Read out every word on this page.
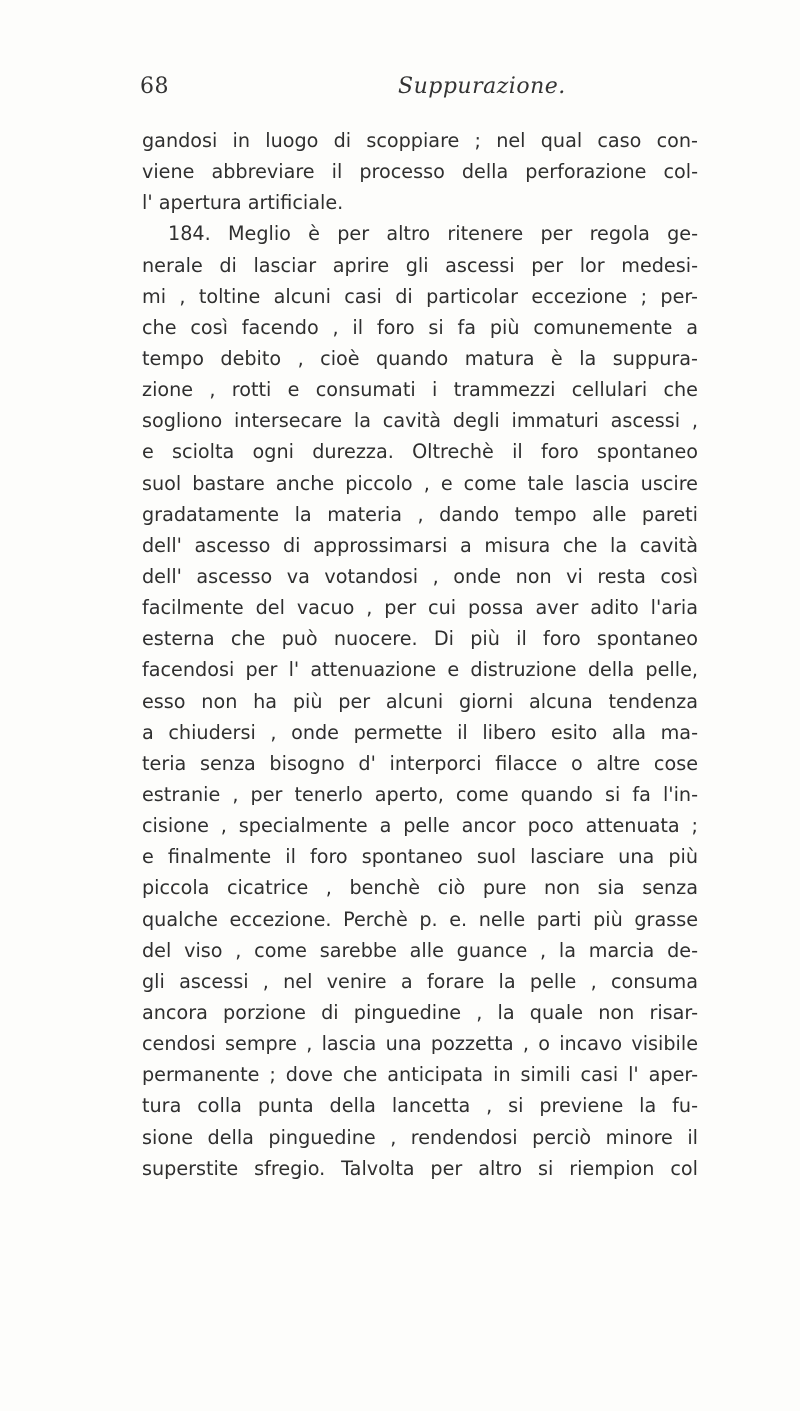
68	Suppurazione.
gandosi in luogo di scoppiare ; nel qual caso con-
viene abbreviare il processo della perforazione col-
l' apertura artificiale.
184. Meglio è per altro ritenere per regola ge-
nerale di lasciar aprire gli ascessi per lor medesi-
mi , toltine alcuni casi di particolar eccezione ; per-
che così facendo , il foro si fa più comunemente a
tempo debito , cioè quando matura è la suppura-
zione , rotti e consumati i trammezzi cellulari che
sogliono intersecare la cavità degli immaturi ascessi ,
e sciolta ogni durezza. Oltrechè il foro spontaneo
suol bastare anche piccolo , e come tale lascia uscire
gradatamente la materia , dando tempo alle pareti
dell' ascesso di approssimarsi a misura che la cavità
dell' ascesso va votandosi , onde non vi resta così
facilmente del vacuo , per cui possa aver adito l'aria
esterna che può nuocere. Di più il foro spontaneo
facendosi per l' attenuazione e distruzione della pelle,
esso non ha più per alcuni giorni alcuna tendenza
a chiudersi , onde permette il libero esito alla ma-
teria senza bisogno d' interporci filacce o altre cose
estranie , per tenerlo aperto, come quando si fa l'in-
cisione , specialmente a pelle ancor poco attenuata ;
e finalmente il foro spontaneo suol lasciare una più
piccola cicatrice , benchè ciò pure non sia senza
qualche eccezione. Perchè p. e. nelle parti più grasse
del viso , come sarebbe alle guance , la marcia de-
gli ascessi , nel venire a forare la pelle , consuma
ancora porzione di pinguedine , la quale non risar-
cendosi sempre , lascia una pozzetta , o incavo visibile
permanente ; dove che anticipata in simili casi l' aper-
tura colla punta della lancetta , si previene la fu-
sione della pinguedine , rendendosi perciò minore il
superstite sfregio. Talvolta per altro si riempion col
